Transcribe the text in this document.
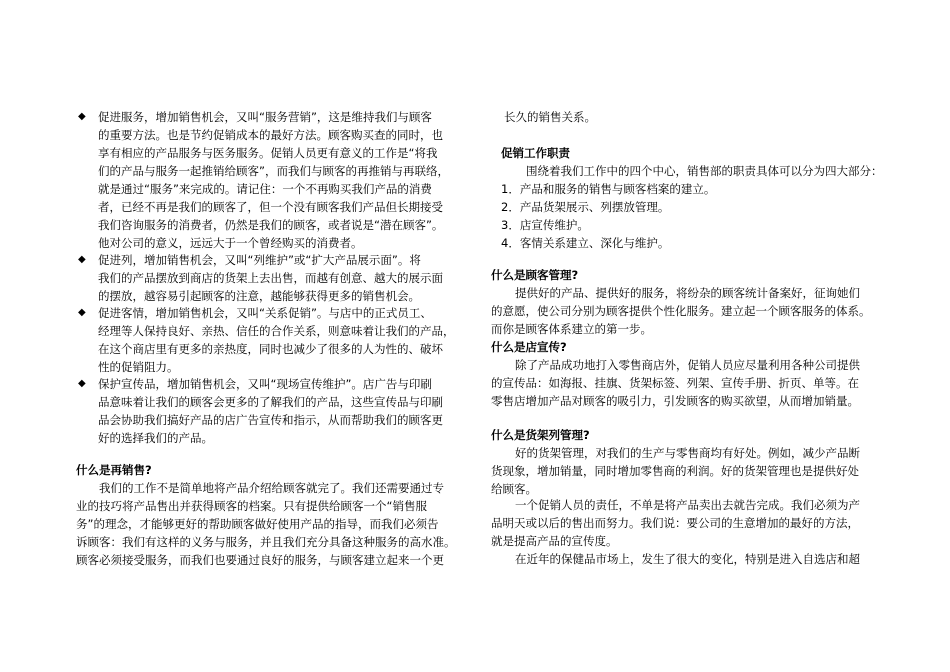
◆ 促进服务，增加销售机会，又叫“服务营销”，这是维持我们与顾客
的重要方法。也是节约促销成本的最好方法。顾客购买查的同时，也
享有相应的产品服务与医务服务。促销人员更有意义的工作是“将我
们的产品与服务一起推销给顾客”，而我们与顾客的再推销与再联络，
就是通过“服务”来完成的。请记住：一个不再购买我们产品的消费
者，已经不再是我们的顾客了，但一个没有顾客我们产品但长期接受
我们咨询服务的消费者，仍然是我们的顾客，或者说是“潜在顾客”。
他对公司的意义，远远大于一个曾经购买的消费者。
◆ 促进列，增加销售机会，又叫“列维护”或“扩大产品展示面”。将
我们的产品摆放到商店的货架上去出售，而越有创意、越大的展示面
的摆放，越容易引起顾客的注意，越能够获得更多的销售机会。
◆ 促进客情，增加销售机会，又叫“关系促销”。与店中的正式员工、
经理等人保持良好、亲热、信任的合作关系，则意味着让我们的产品，
在这个商店里有更多的亲热度，同时也减少了很多的人为性的、破坏
性的促销阻力。
◆ 保护宣传品，增加销售机会，又叫“现场宣传维护”。店广告与印刷
品意味着让我们的顾客会更多的了解我们的产品，这些宣传品与印刷
品会协助我们搞好产品的店广告宣传和指示，从而帮助我们的顾客更
好的选择我们的产品。
什么是再销售?
我们的工作不是简单地将产品介绍给顾客就完了。我们还需要通过专
业的技巧将产品售出并获得顾客的档案。只有提供给顾客一个“销售服
务”的理念，才能够更好的帮助顾客做好使用产品的指导，而我们必须告
诉顾客：我们有这样的义务与服务，并且我们充分具备这种服务的高水准。
顾客必须接受服务，而我们也要通过良好的服务，与顾客建立起来一个更
长久的销售关系。
促销工作职责
围绕着我们工作中的四个中心，销售部的职责具体可以分为四大部分：
1．产品和服务的销售与顾客档案的建立。
2．产品货架展示、列摆放管理。
3．店宣传维护。
4．客情关系建立、深化与维护。
什么是顾客管理?
提供好的产品、提供好的服务，将纷杂的顾客统计备案好，征询她们
的意愿，使公司分别为顾客提供个性化服务。建立起一个顾客服务的体系。
而你是顾客体系建立的第一步。
什么是店宣传?
除了产品成功地打入零售商店外，促销人员应尽量利用各种公司提供
的宣传品：如海报、挂旗、货架标签、列架、宣传手册、折页、单等。在
零售店增加产品对顾客的吸引力，引发顾客的购买欲望，从而增加销量。
什么是货架列管理?
好的货架管理，对我们的生产与零售商均有好处。例如，减少产品断
货现象，增加销量，同时增加零售商的利润。好的货架管理也是提供好处
给顾客。
一个促销人员的责任，不单是将产品卖出去就告完成。我们必须为产
品明天或以后的售出而努力。我们说：要公司的生意增加的最好的方法，
就是提高产品的宣传度。
在近年的保健品市场上，发生了很大的变化，特别是进入自选店和超
